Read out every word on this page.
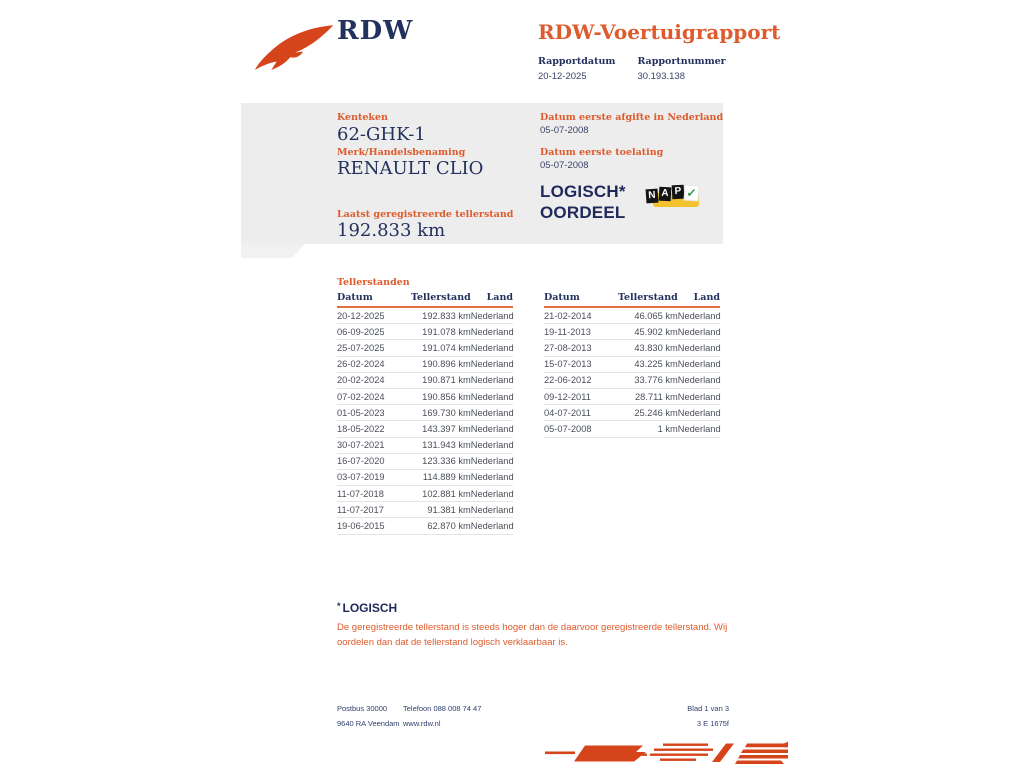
RDW	RDW-Voertuigrapport
Rapportdatum
20-12-2025
Rapportnummer
30.193.138
Kenteken
62-GHK-1
Merk/Handelsbenaming
RENAULT CLIO
Laatst geregistreerde tellerstand
192.833 km
Datum eerste afgifte in Nederland
05-07-2008
Datum eerste toelating
05-07-2008
LOGISCH*
OORDEEL
N A P ✓
Tellerstanden
Datum	Tellerstand	Land
20-12-2025	192.833 km	Nederland
06-09-2025	191.078 km	Nederland
25-07-2025	191.074 km	Nederland
26-02-2024	190.896 km	Nederland
20-02-2024	190.871 km	Nederland
07-02-2024	190.856 km	Nederland
01-05-2023	169.730 km	Nederland
18-05-2022	143.397 km	Nederland
30-07-2021	131.943 km	Nederland
16-07-2020	123.336 km	Nederland
03-07-2019	114.889 km	Nederland
11-07-2018	102.881 km	Nederland
11-07-2017	91.381 km	Nederland
19-06-2015	62.870 km	Nederland
Datum	Tellerstand	Land
21-02-2014	46.065 km	Nederland
19-11-2013	45.902 km	Nederland
27-08-2013	43.830 km	Nederland
15-07-2013	43.225 km	Nederland
22-06-2012	33.776 km	Nederland
09-12-2011	28.711 km	Nederland
04-07-2011	25.246 km	Nederland
05-07-2008	1 km	Nederland
* LOGISCH
De geregistreerde tellerstand is steeds hoger dan de daarvoor geregistreerde tellerstand. Wij oordelen dan dat de tellerstand logisch verklaarbaar is.
Postbus 30000
9640 RA Veendam
Telefoon 088 008 74 47
www.rdw.nl
Blad 1 van 3
3 E 1675f
